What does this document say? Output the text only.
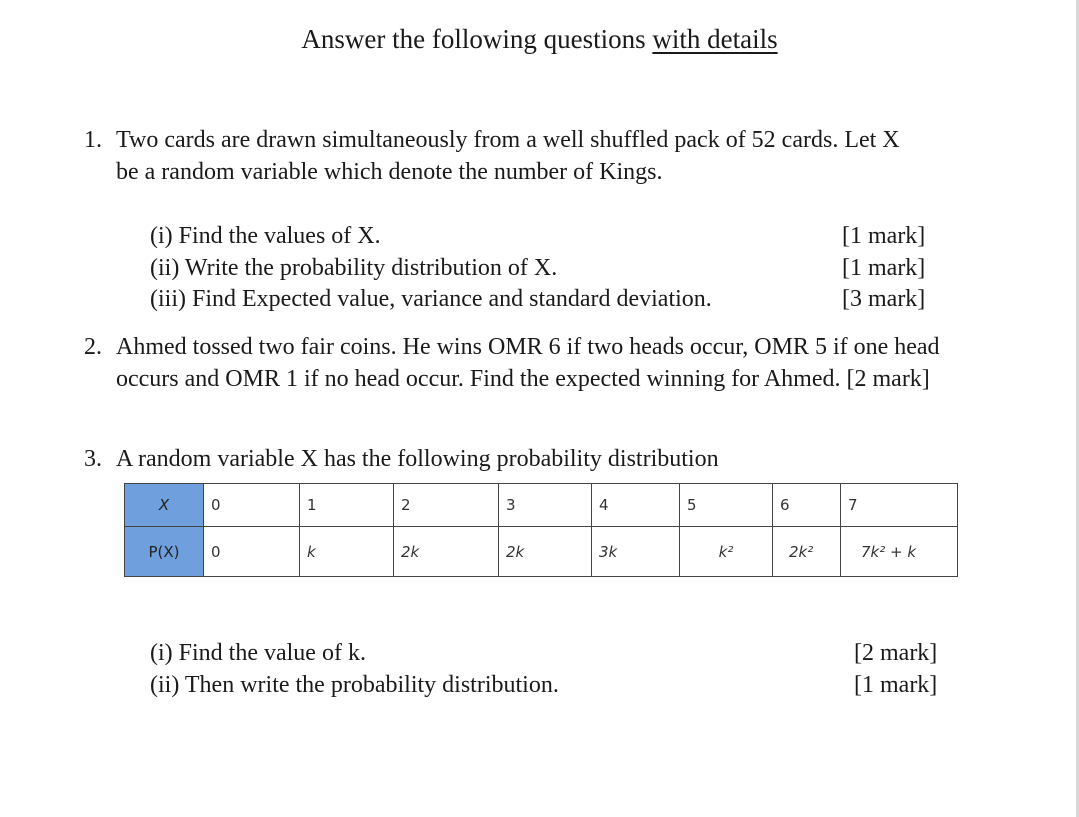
Answer the following questions with details
1. Two cards are drawn simultaneously from a well shuffled pack of 52 cards. Let X
be a random variable which denote the number of Kings.
(i) Find the values of X.	[1 mark]
(ii) Write the probability distribution of X.	[1 mark]
(iii) Find Expected value, variance and standard deviation.	[3 mark]
2. Ahmed tossed two fair coins. He wins OMR 6 if two heads occur, OMR 5 if one head
occurs and OMR 1 if no head occur. Find the expected winning for Ahmed. [2 mark]
3. A random variable X has the following probability distribution
X	0	1	2	3	4	5	6	7
P(X)	0	k	2k	2k	3k	k²	2k²	7k² + k
(i) Find the value of k.	[2 mark]
(ii) Then write the probability distribution.	[1 mark]
